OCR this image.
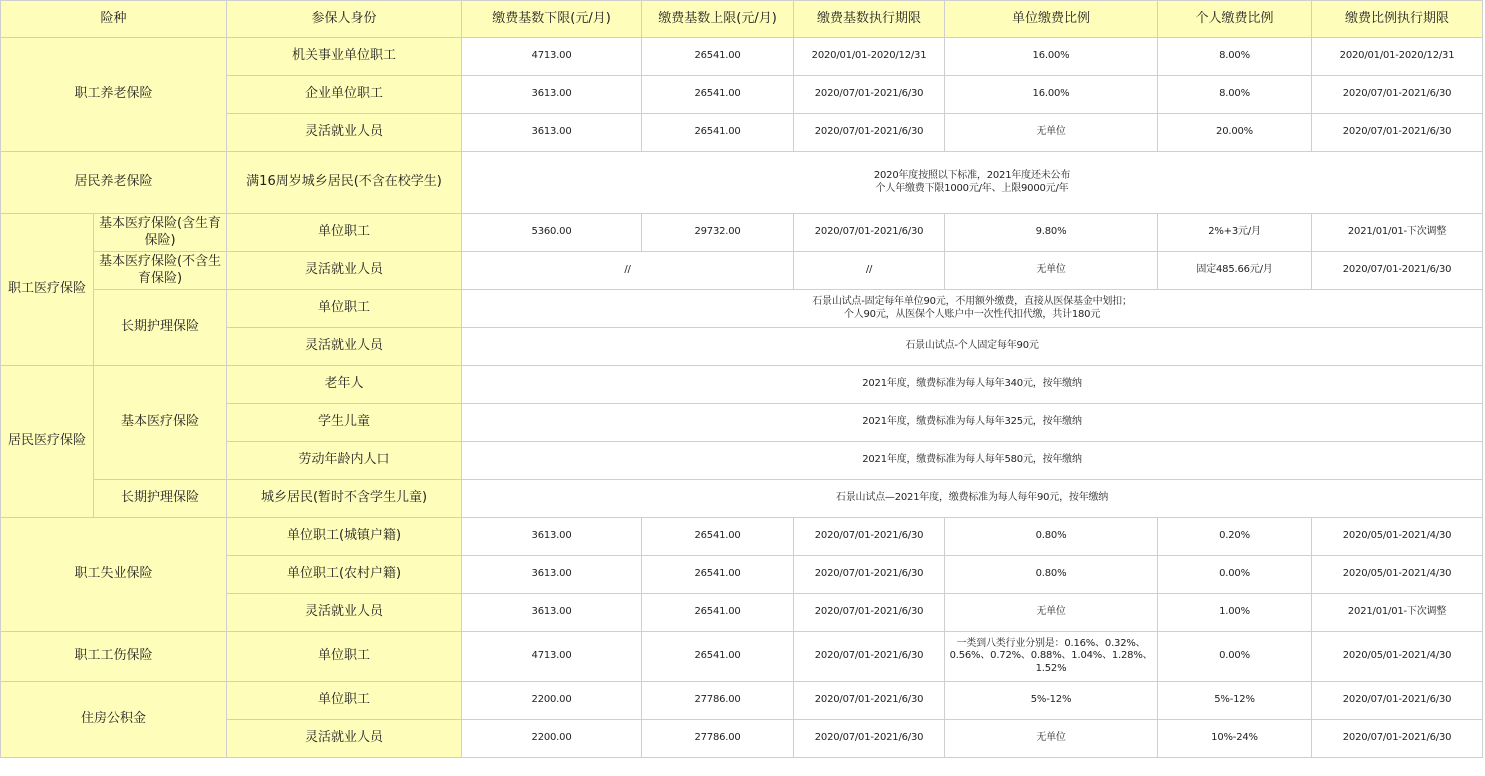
险种		参保人身份	缴费基数下限(元/月)	缴费基数上限(元/月)	缴费基数执行期限	单位缴费比例	个人缴费比例	缴费比例执行期限
职工养老保险		机关事业单位职工	4713.00	26541.00	2020/01/01-2020/12/31	16.00%	8.00%	2020/01/01-2020/12/31
		企业单位职工	3613.00	26541.00	2020/07/01-2021/6/30	16.00%	8.00%	2020/07/01-2021/6/30
		灵活就业人员	3613.00	26541.00	2020/07/01-2021/6/30	无单位	20.00%	2020/07/01-2021/6/30
居民养老保险		满16周岁城乡居民(不含在校学生)	2020年度按照以下标准，2021年度还未公布
个人年缴费下限1000元/年、上限9000元/年					

职工医疗保险	基本医疗保险(含生育保险)	单位职工	5360.00	29732.00	2020/07/01-2021/6/30	9.80%	2%+3元/月	2021/01/01-下次调整
	基本医疗保险(不含生育保险)	灵活就业人员	//		//	无单位	固定485.66元/月	2020/07/01-2021/6/30
	长期护理保险	单位职工	石景山试点-固定每年单位90元，不用额外缴费，直接从医保基金中划扣；
个人90元，从医保个人账户中一次性代扣代缴，共计180元					

		灵活就业人员	石景山试点-个人固定每年90元					
居民医疗保险	基本医疗保险	老年人	2021年度，缴费标准为每人每年340元，按年缴纳					
		学生儿童	2021年度，缴费标准为每人每年325元，按年缴纳					
		劳动年龄内人口	2021年度，缴费标准为每人每年580元，按年缴纳					
	长期护理保险	城乡居民(暂时不含学生儿童)	石景山试点—2021年度，缴费标准为每人每年90元，按年缴纳					
职工失业保险		单位职工(城镇户籍)	3613.00	26541.00	2020/07/01-2021/6/30	0.80%	0.20%	2020/05/01-2021/4/30
		单位职工(农村户籍)	3613.00	26541.00	2020/07/01-2021/6/30	0.80%	0.00%	2020/05/01-2021/4/30
		灵活就业人员	3613.00	26541.00	2020/07/01-2021/6/30	无单位	1.00%	2021/01/01-下次调整
职工工伤保险		单位职工	4713.00	26541.00	2020/07/01-2021/6/30	一类到八类行业分别是：0.16%、0.32%、
0.56%、0.72%、0.88%、1.04%、1.28%、
1.52%	0.00%	2020/05/01-2021/4/30
住房公积金		单位职工	2200.00	27786.00	2020/07/01-2021/6/30	5%-12%	5%-12%	2020/07/01-2021/6/30
		灵活就业人员	2200.00	27786.00	2020/07/01-2021/6/30	无单位	10%-24%	2020/07/01-2021/6/30
